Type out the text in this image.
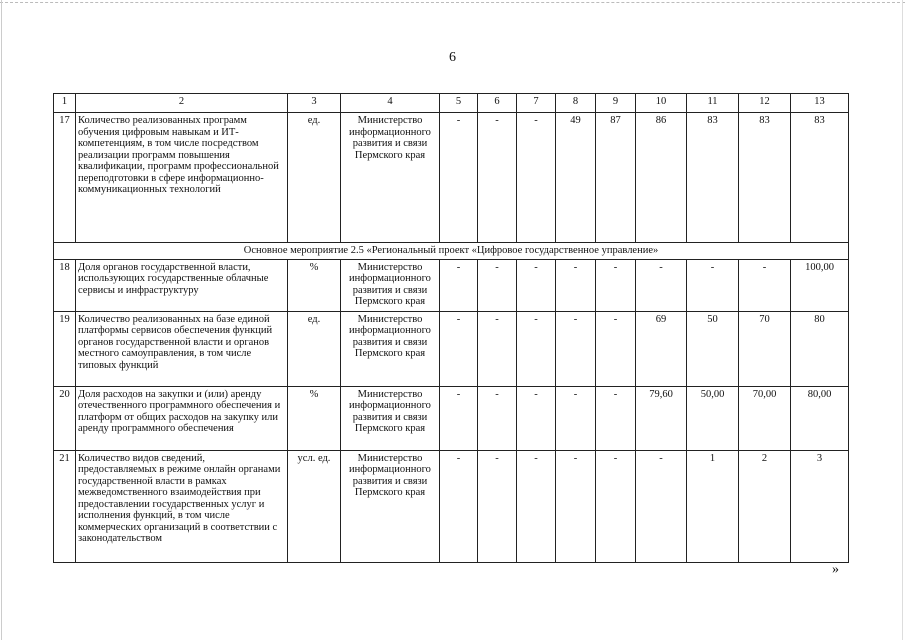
6
1	2	3	4	5	6	7	8	9	10	11	12	13
17	Количество реализованных программ обучения цифровым навыкам и ИТ-компетенциям, в том числе посредством реализации программ повышения квалификации, программ профессиональной переподготовки в сфере информационно-коммуникационных технологий	ед.	Министерство информационного развития и связи Пермского края	-	-	-	49	87	86	83	83	83
Основное мероприятие 2.5 «Региональный проект «Цифровое государственное управление»												
18	Доля органов государственной власти, использующих государственные облачные сервисы и инфраструктуру	%	Министерство информационного развития и связи Пермского края	-	-	-	-	-	-	-	-	100,00
19	Количество реализованных на базе единой платформы сервисов обеспечения функций органов государственной власти и органов местного самоуправления, в том числе типовых функций	ед.	Министерство информационного развития и связи Пермского края	-	-	-	-	-	69	50	70	80
20	Доля расходов на закупки и (или) аренду отечественного программного обеспечения и платформ от общих расходов на закупку или аренду программного обеспечения	%	Министерство информационного развития и связи Пермского края	-	-	-	-	-	79,60	50,00	70,00	80,00
21	Количество видов сведений, предоставляемых в режиме онлайн органами государственной власти в рамках межведомственного взаимодействия при предоставлении государственных услуг и исполнения функций, в том числе коммерческих организаций в соответствии с законодательством	усл. ед.	Министерство информационного развития и связи Пермского края	-	-	-	-	-	-	1	2	3
»
